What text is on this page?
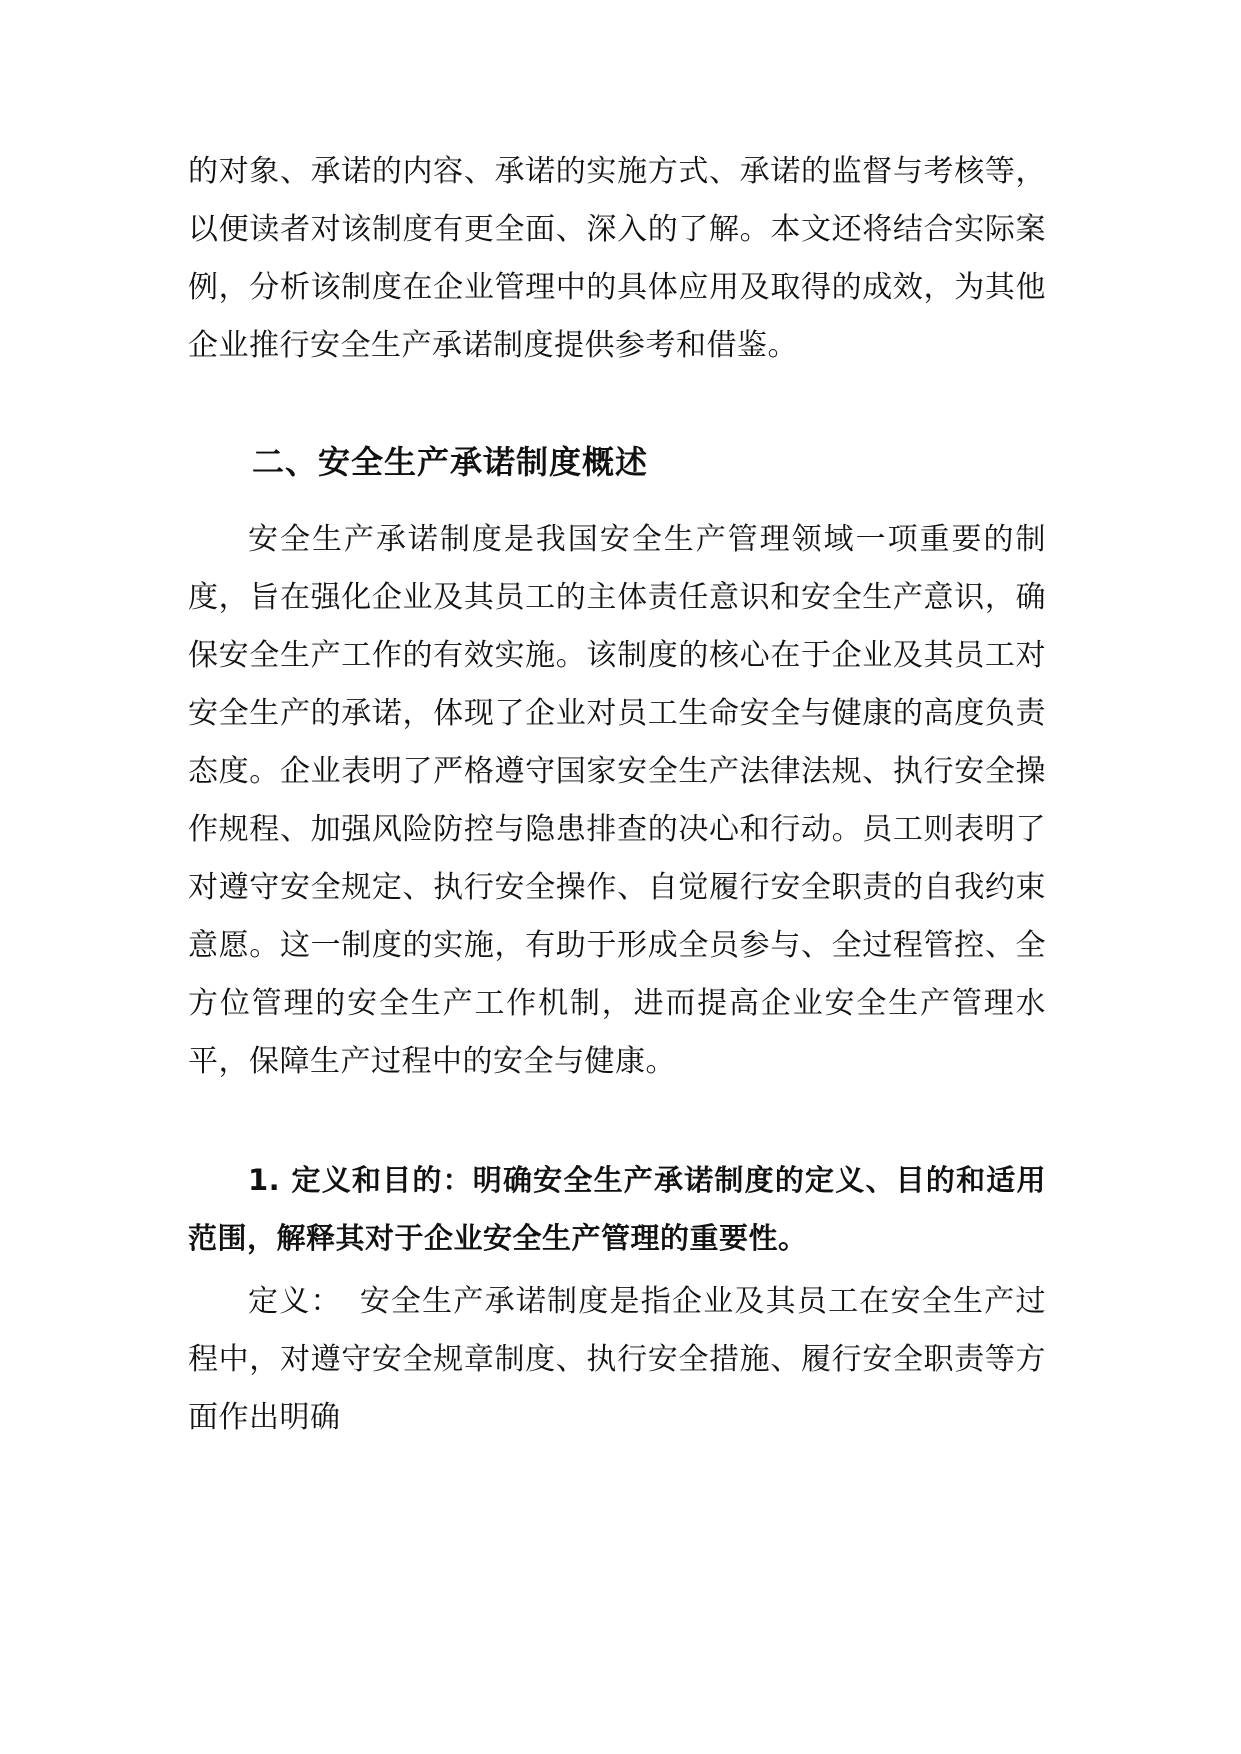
的对象、承诺的内容、承诺的实施方式、承诺的监督与考核等，以便读者对该制度有更全面、深入的了解。本文还将结合实际案例，分析该制度在企业管理中的具体应用及取得的成效，为其他企业推行安全生产承诺制度提供参考和借鉴。

二、安全生产承诺制度概述

安全生产承诺制度是我国安全生产管理领域一项重要的制度，旨在强化企业及其员工的主体责任意识和安全生产意识，确保安全生产工作的有效实施。该制度的核心在于企业及其员工对安全生产的承诺，体现了企业对员工生命安全与健康的高度负责态度。企业表明了严格遵守国家安全生产法律法规、执行安全操作规程、加强风险防控与隐患排查的决心和行动。员工则表明了对遵守安全规定、执行安全操作、自觉履行安全职责的自我约束意愿。这一制度的实施，有助于形成全员参与、全过程管控、全方位管理的安全生产工作机制，进而提高企业安全生产管理水平，保障生产过程中的安全与健康。

1. 定义和目的：明确安全生产承诺制度的定义、目的和适用范围，解释其对于企业安全生产管理的重要性。

定义： 安全生产承诺制度是指企业及其员工在安全生产过程中，对遵守安全规章制度、执行安全措施、履行安全职责等方面作出明确
